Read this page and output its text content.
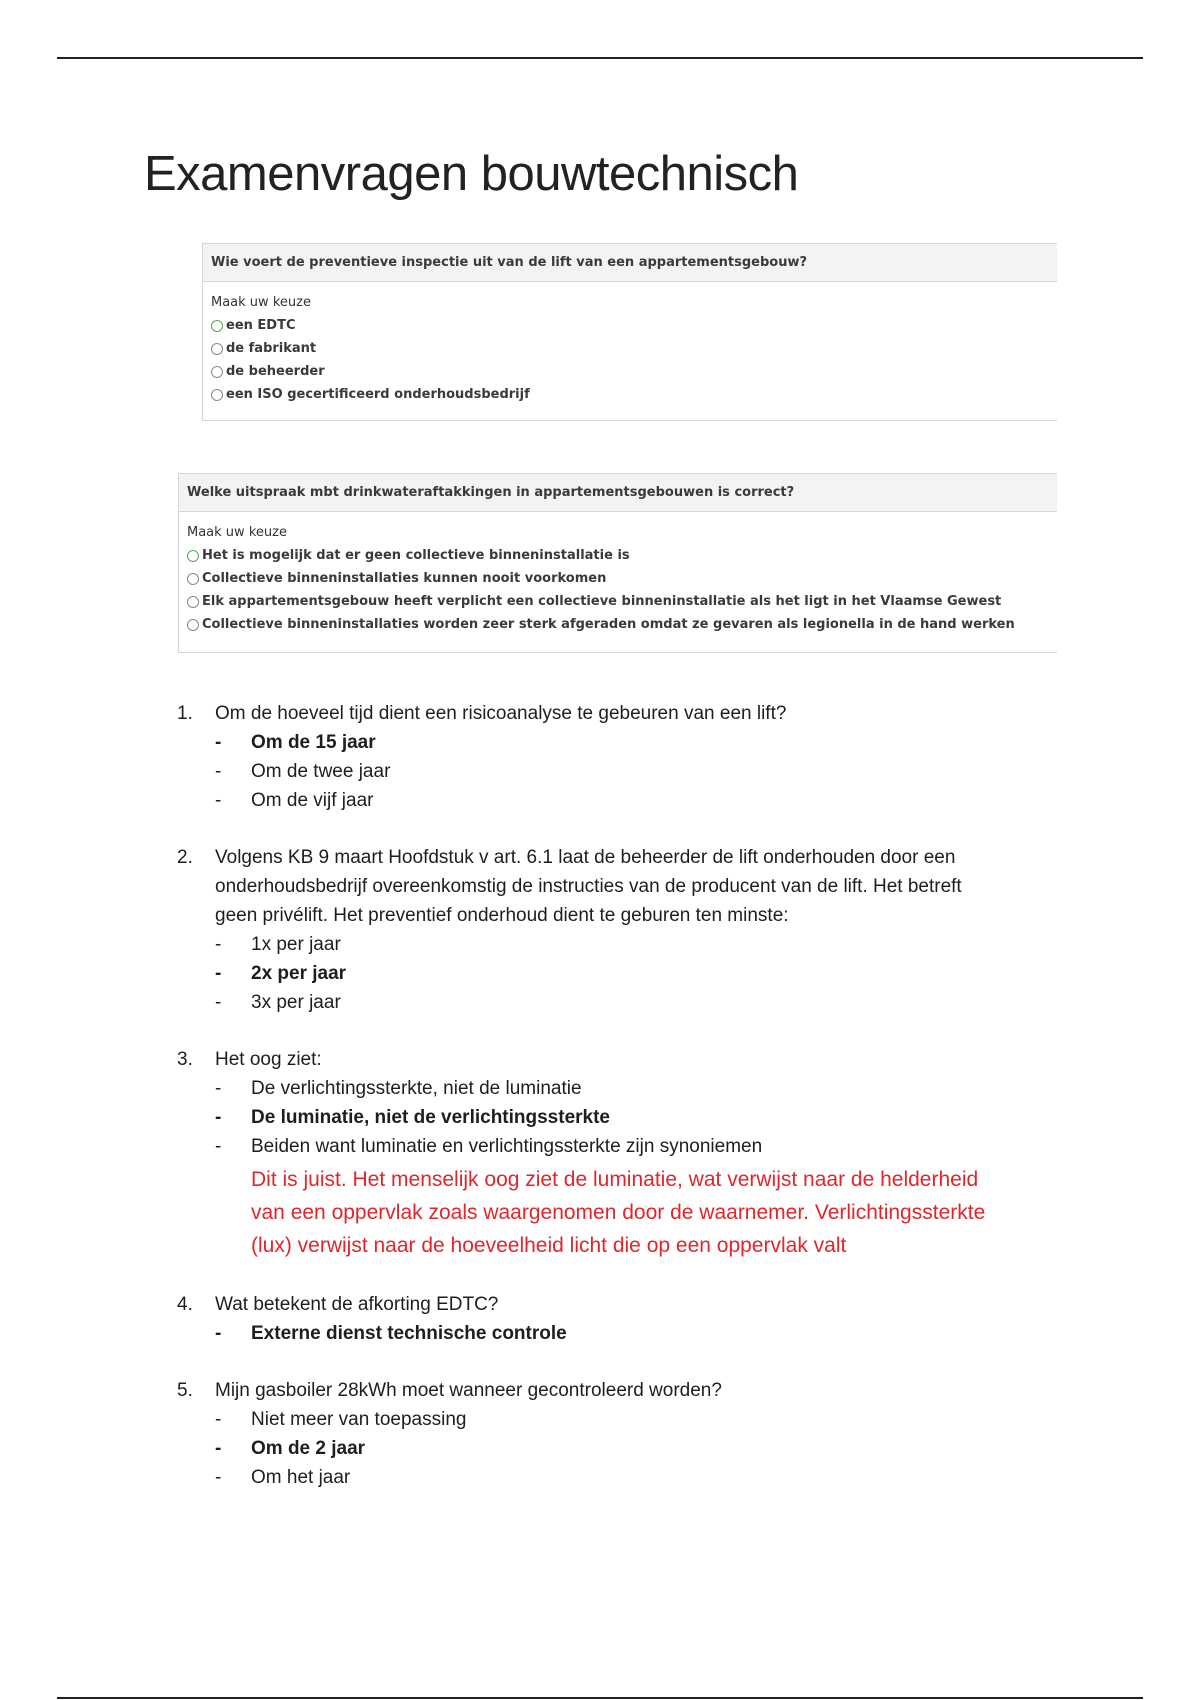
Examenvragen bouwtechnisch
Wie voert de preventieve inspectie uit van de lift van een appartementsgebouw?
Maak uw keuze
een EDTC
de fabrikant
de beheerder
een ISO gecertificeerd onderhoudsbedrijf
Welke uitspraak mbt drinkwateraftakkingen in appartementsgebouwen is correct?
Maak uw keuze
Het is mogelijk dat er geen collectieve binneninstallatie is
Collectieve binneninstallaties kunnen nooit voorkomen
Elk appartementsgebouw heeft verplicht een collectieve binneninstallatie als het ligt in het Vlaamse Gewest
Collectieve binneninstallaties worden zeer sterk afgeraden omdat ze gevaren als legionella in de hand werken
1.	Om de hoeveel tijd dient een risicoanalyse te gebeuren van een lift?
-	Om de 15 jaar
-	Om de twee jaar
-	Om de vijf jaar
2.	Volgens KB 9 maart Hoofdstuk v art. 6.1 laat de beheerder de lift onderhouden door een
onderhoudsbedrijf overeenkomstig de instructies van de producent van de lift. Het betreft
geen privélift. Het preventief onderhoud dient te geburen ten minste:
-	1x per jaar
-	2x per jaar
-	3x per jaar
3.	Het oog ziet:
-	De verlichtingssterkte, niet de luminatie
-	De luminatie, niet de verlichtingssterkte
-	Beiden want luminatie en verlichtingssterkte zijn synoniemen
Dit is juist. Het menselijk oog ziet de luminatie, wat verwijst naar de helderheid
van een oppervlak zoals waargenomen door de waarnemer. Verlichtingssterkte
(lux) verwijst naar de hoeveelheid licht die op een oppervlak valt
4.	Wat betekent de afkorting EDTC?
-	Externe dienst technische controle
5.	Mijn gasboiler 28kWh moet wanneer gecontroleerd worden?
-	Niet meer van toepassing
-	Om de 2 jaar
-	Om het jaar
